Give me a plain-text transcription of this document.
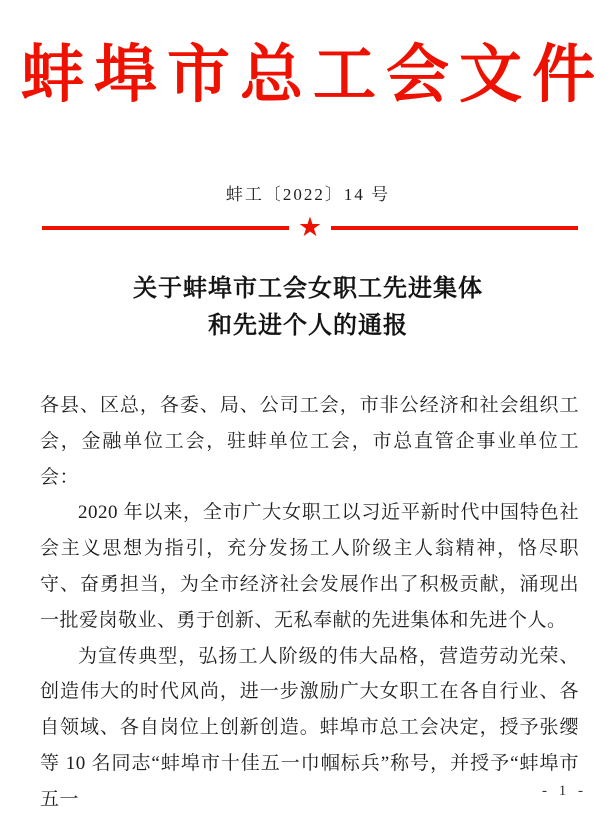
蚌埠市总工会文件
蚌工〔2022〕14 号
★
关于蚌埠市工会女职工先进集体
和先进个人的通报

各县、区总，各委、局、公司工会，市非公经济和社会组织工会，金融单位工会，驻蚌单位工会，市总直管企事业单位工会：

2020 年以来，全市广大女职工以习近平新时代中国特色社会主义思想为指引，充分发扬工人阶级主人翁精神，恪尽职守、奋勇担当，为全市经济社会发展作出了积极贡献，涌现出一批爱岗敬业、勇于创新、无私奉献的先进集体和先进个人。

为宣传典型，弘扬工人阶级的伟大品格，营造劳动光荣、创造伟大的时代风尚，进一步激励广大女职工在各自行业、各自领域、各自岗位上创新创造。蚌埠市总工会决定，授予张缨等 10 名同志“蚌埠市十佳五一巾帼标兵”称号，并授予“蚌埠市五一	- 1 -
